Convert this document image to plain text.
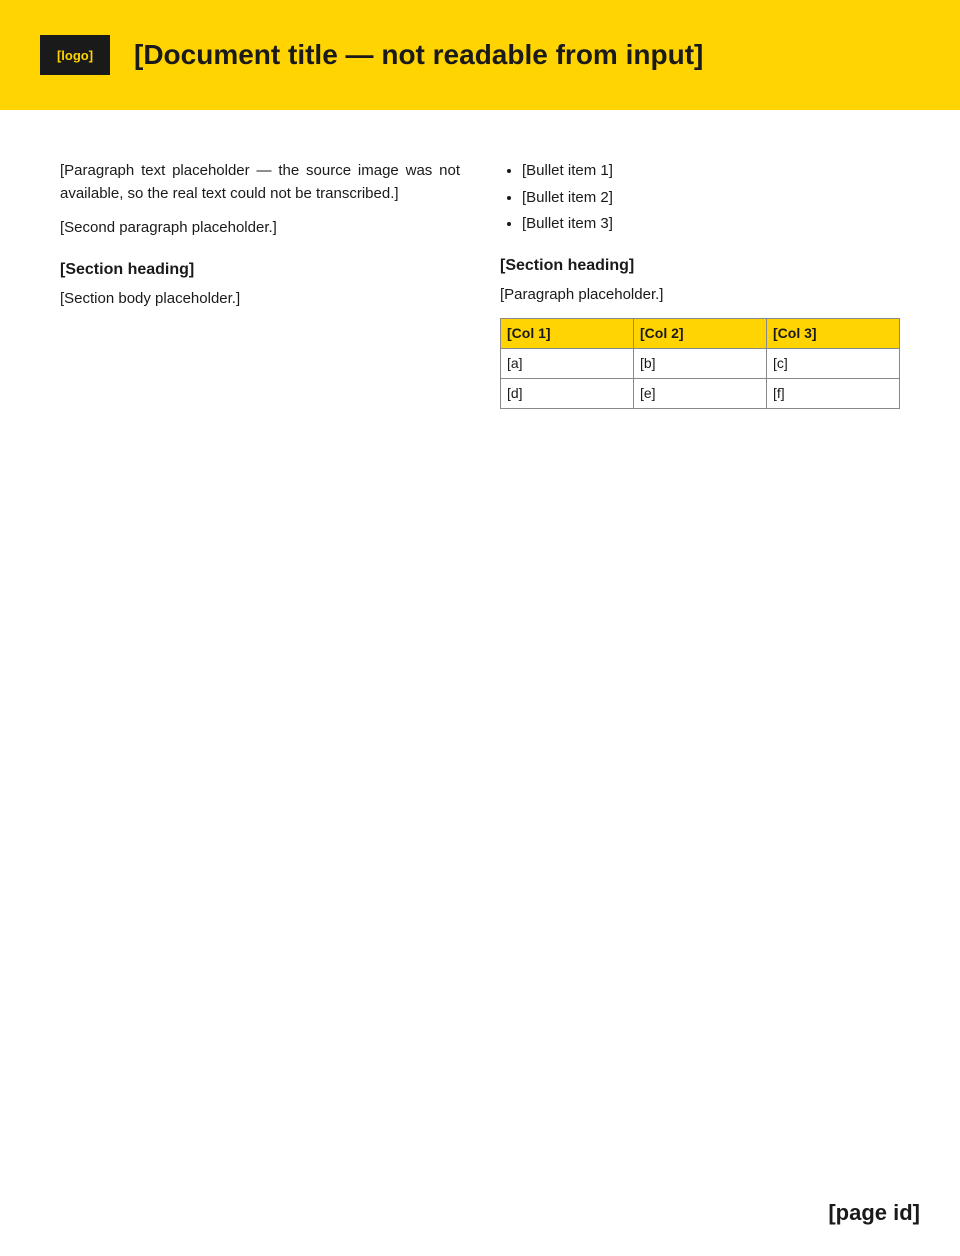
[logo]	[Document title — not readable from input]

[Paragraph text placeholder — the source image was not available, so the real text could not be transcribed.]

[Second paragraph placeholder.]

[Section heading]

[Section body placeholder.]

• [Bullet item 1]
• [Bullet item 2]
• [Bullet item 3]
[Section heading]

[Paragraph placeholder.]

[Col 1]	[Col 2]	[Col 3]
[a]	[b]	[c]
[d]	[e]	[f]
[page id]
